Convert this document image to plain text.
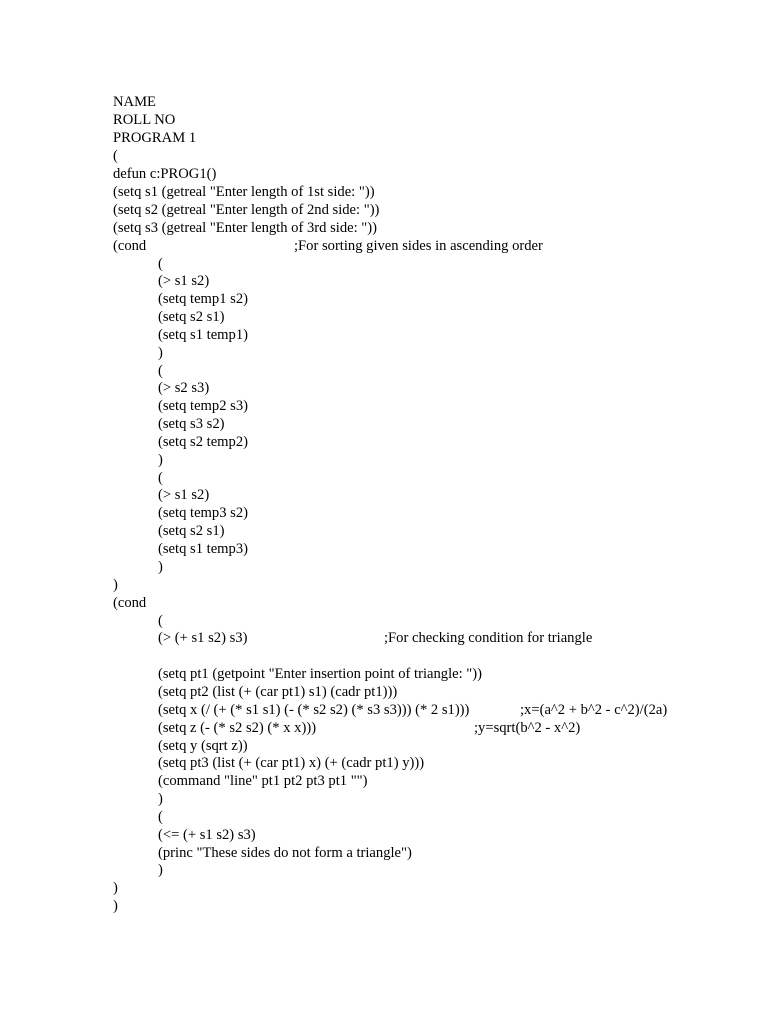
NAME
ROLL NO
PROGRAM 1
(
defun c:PROG1()
(setq s1 (getreal "Enter length of 1st side: "))
(setq s2 (getreal "Enter length of 2nd side: "))
(setq s3 (getreal "Enter length of 3rd side: "))
(cond	;For sorting given sides in ascending order
(
(> s1 s2)
(setq temp1 s2)
(setq s2 s1)
(setq s1 temp1)
)
(
(> s2 s3)
(setq temp2 s3)
(setq s3 s2)
(setq s2 temp2)
)
(
(> s1 s2)
(setq temp3 s2)
(setq s2 s1)
(setq s1 temp3)
)
)
(cond
(
(> (+ s1 s2) s3)	;For checking condition for triangle
(setq pt1 (getpoint "Enter insertion point of triangle: "))
(setq pt2 (list (+ (car pt1) s1) (cadr pt1)))
(setq x (/ (+ (* s1 s1) (- (* s2 s2) (* s3 s3))) (* 2 s1)))	;x=(a^2 + b^2 - c^2)/(2a)
(setq z (- (* s2 s2) (* x x)))	;y=sqrt(b^2 - x^2)
(setq y (sqrt z))
(setq pt3 (list (+ (car pt1) x) (+ (cadr pt1) y)))
(command "line" pt1 pt2 pt3 pt1 "")
)
(
(<= (+ s1 s2) s3)
(princ "These sides do not form a triangle")
)
)
)
